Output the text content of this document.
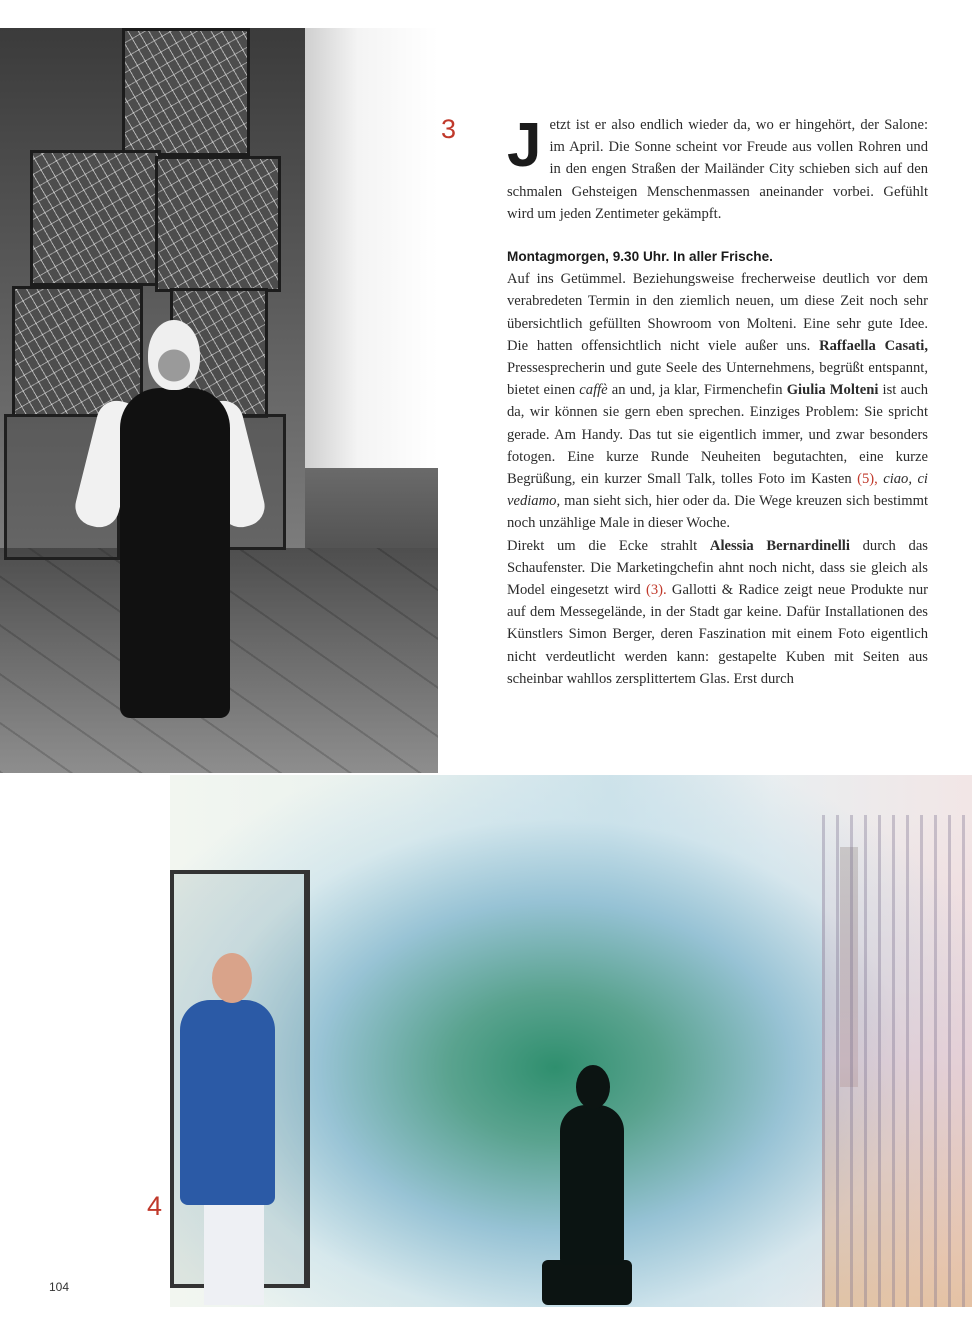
3 Jetzt ist er also endlich wieder da, wo er hingehört, der Salone: im April. Die Sonne scheint vor Freude aus vollen Rohren und in den engen Straßen der Mailänder City schieben sich auf den schmalen Gehsteigen Menschenmassen aneinander vorbei. Gefühlt wird um jeden Zentimeter gekämpft.

Montagmorgen, 9.30 Uhr. In aller Frische.

Auf ins Getümmel. Beziehungsweise frecherweise deutlich vor dem verabredeten Termin in den ziemlich neuen, um diese Zeit noch sehr übersichtlich gefüllten Showroom von Molteni. Eine sehr gute Idee. Die hatten offensichtlich nicht viele außer uns. Raffaella Casati, Pressesprecherin und gute Seele des Unternehmens, begrüßt entspannt, bietet einen caffè an und, ja klar, Firmenchefin Giulia Molteni ist auch da, wir können sie gern eben sprechen. Einziges Problem: Sie spricht gerade. Am Handy. Das tut sie eigentlich immer, und zwar besonders fotogen. Eine kurze Runde Neuheiten begutachten, eine kurze Begrüßung, ein kurzer Small Talk, tolles Foto im Kasten (5), ciao, ci vediamo, man sieht sich, hier oder da. Die Wege kreuzen sich bestimmt noch unzählige Male in dieser Woche.

Direkt um die Ecke strahlt Alessia Bernardinelli durch das Schaufenster. Die Marketingchefin ahnt noch nicht, dass sie gleich als Model eingesetzt wird (3). Gallotti & Radice zeigt neue Produkte nur auf dem Messegelände, in der Stadt gar keine. Dafür Installationen des Künstlers Simon Berger, deren Faszination mit einem Foto eigentlich nicht verdeutlicht werden kann: gestapelte Kuben mit Seiten aus scheinbar wahllos zersplittertem Glas. Erst durch

4
104
